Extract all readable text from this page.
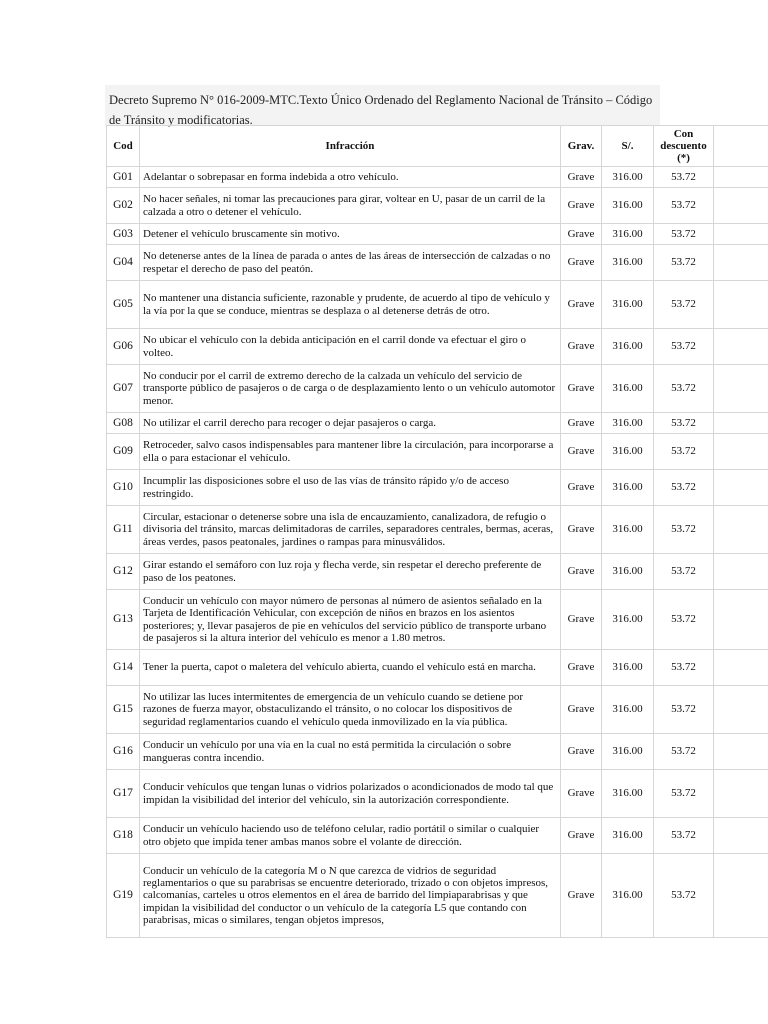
Decreto Supremo N° 016-2009-MTC.Texto Único Ordenado del Reglamento Nacional de Tránsito – Código de Tránsito y modificatorias.
Cod	Infracción	Grav.	S/.	Con descuento (*)	
G01	Adelantar o sobrepasar en forma indebida a otro vehículo.	Grave	316.00	53.72	
G02	No hacer señales, ni tomar las precauciones para girar, voltear en U, pasar de un carril de la calzada a otro o detener el vehículo.	Grave	316.00	53.72	
G03	Detener el vehículo bruscamente sin motivo.	Grave	316.00	53.72	
G04	No detenerse antes de la línea de parada o antes de las áreas de intersección de calzadas o no respetar el derecho de paso del peatón.	Grave	316.00	53.72	
G05	No mantener una distancia suficiente, razonable y prudente, de acuerdo al tipo de vehículo y la vía por la que se conduce, mientras se desplaza o al detenerse detrás de otro.	Grave	316.00	53.72	
G06	No ubicar el vehículo con la debida anticipación en el carril donde va efectuar el giro o volteo.	Grave	316.00	53.72	
G07	No conducir por el carril de extremo derecho de la calzada un vehículo del servicio de transporte público de pasajeros o de carga o de desplazamiento lento o un vehículo automotor menor.	Grave	316.00	53.72	
G08	No utilizar el carril derecho para recoger o dejar pasajeros o carga.	Grave	316.00	53.72	
G09	Retroceder, salvo casos indispensables para mantener libre la circulación, para incorporarse a ella o para estacionar el vehículo.	Grave	316.00	53.72	
G10	Incumplir las disposiciones sobre el uso de las vías de tránsito rápido y/o de acceso restringido.	Grave	316.00	53.72	
G11	Circular, estacionar o detenerse sobre una isla de encauzamiento, canalizadora, de refugio o divisoria del tránsito, marcas delimitadoras de carriles, separadores centrales, bermas, aceras, áreas verdes, pasos peatonales, jardines o rampas para minusválidos.	Grave	316.00	53.72	
G12	Girar estando el semáforo con luz roja y flecha verde, sin respetar el derecho preferente de paso de los peatones.	Grave	316.00	53.72	
G13	Conducir un vehículo con mayor número de personas al número de asientos señalado en la Tarjeta de Identificación Vehicular, con excepción de niños en brazos en los asientos posteriores; y, llevar pasajeros de pie en vehículos del servicio público de transporte urbano de pasajeros si la altura interior del vehículo es menor a 1.80 metros.	Grave	316.00	53.72	
G14	Tener la puerta, capot o maletera del vehículo abierta, cuando el vehículo está en marcha.	Grave	316.00	53.72	
G15	No utilizar las luces intermitentes de emergencia de un vehículo cuando se detiene por razones de fuerza mayor, obstaculizando el tránsito, o no colocar los dispositivos de seguridad reglamentarios cuando el vehículo queda inmovilizado en la vía pública.	Grave	316.00	53.72	
G16	Conducir un vehículo por una vía en la cual no está permitida la circulación o sobre mangueras contra incendio.	Grave	316.00	53.72	
G17	Conducir vehículos que tengan lunas o vidrios polarizados o acondicionados de modo tal que impidan la visibilidad del interior del vehículo, sin la autorización correspondiente.	Grave	316.00	53.72	
G18	Conducir un vehículo haciendo uso de teléfono celular, radio portátil o similar o cualquier otro objeto que impida tener ambas manos sobre el volante de dirección.	Grave	316.00	53.72	
G19	Conducir un vehículo de la categoría M o N que carezca de vidrios de seguridad reglamentarios o que su parabrisas se encuentre deteriorado, trizado o con objetos impresos, calcomanías, carteles u otros elementos en el área de barrido del limpiaparabrisas y que impidan la visibilidad del conductor o un vehículo de la categoría L5 que contando con parabrisas, micas o similares, tengan objetos impresos,	Grave	316.00	53.72	
